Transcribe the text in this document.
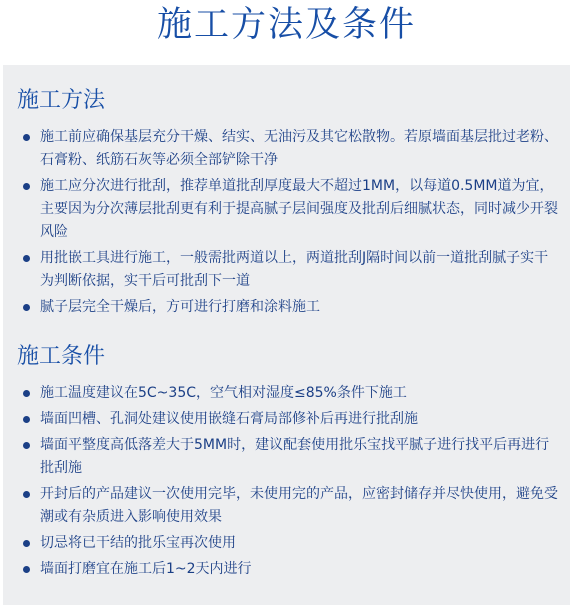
施工方法及条件
施工方法
施工前应确保基层充分干燥、结实、无油污及其它松散物。若原墙面基层批过老粉、石膏粉、纸筋石灰等必须全部铲除干净
施工应分次进行批刮，推荐单道批刮厚度最大不超过1MM，以每道0.5MM道为宜，主要因为分次薄层批刮更有利于提高腻子层间强度及批刮后细腻状态，同时减少开裂风险
用批嵌工具进行施工，一般需批两道以上，两道批刮J隔时间以前一道批刮腻子实干为判断依据，实干后可批刮下一道
腻子层完全干燥后，方可进行打磨和涂料施工
施工条件
施工温度建议在5C~35C，空气相对湿度≤85%条件下施工
墙面凹槽、孔洞处建议使用嵌缝石膏局部修补后再进行批刮施
墙面平整度高低落差大于5MM时，建议配套使用批乐宝找平腻子进行找平后再进行批刮施
开封后的产品建议一次使用完毕，未使用完的产品，应密封储存并尽快使用，避免受潮或有杂质进入影响使用效果
切忌将已干结的批乐宝再次使用
墙面打磨宜在施工后1~2天内进行
